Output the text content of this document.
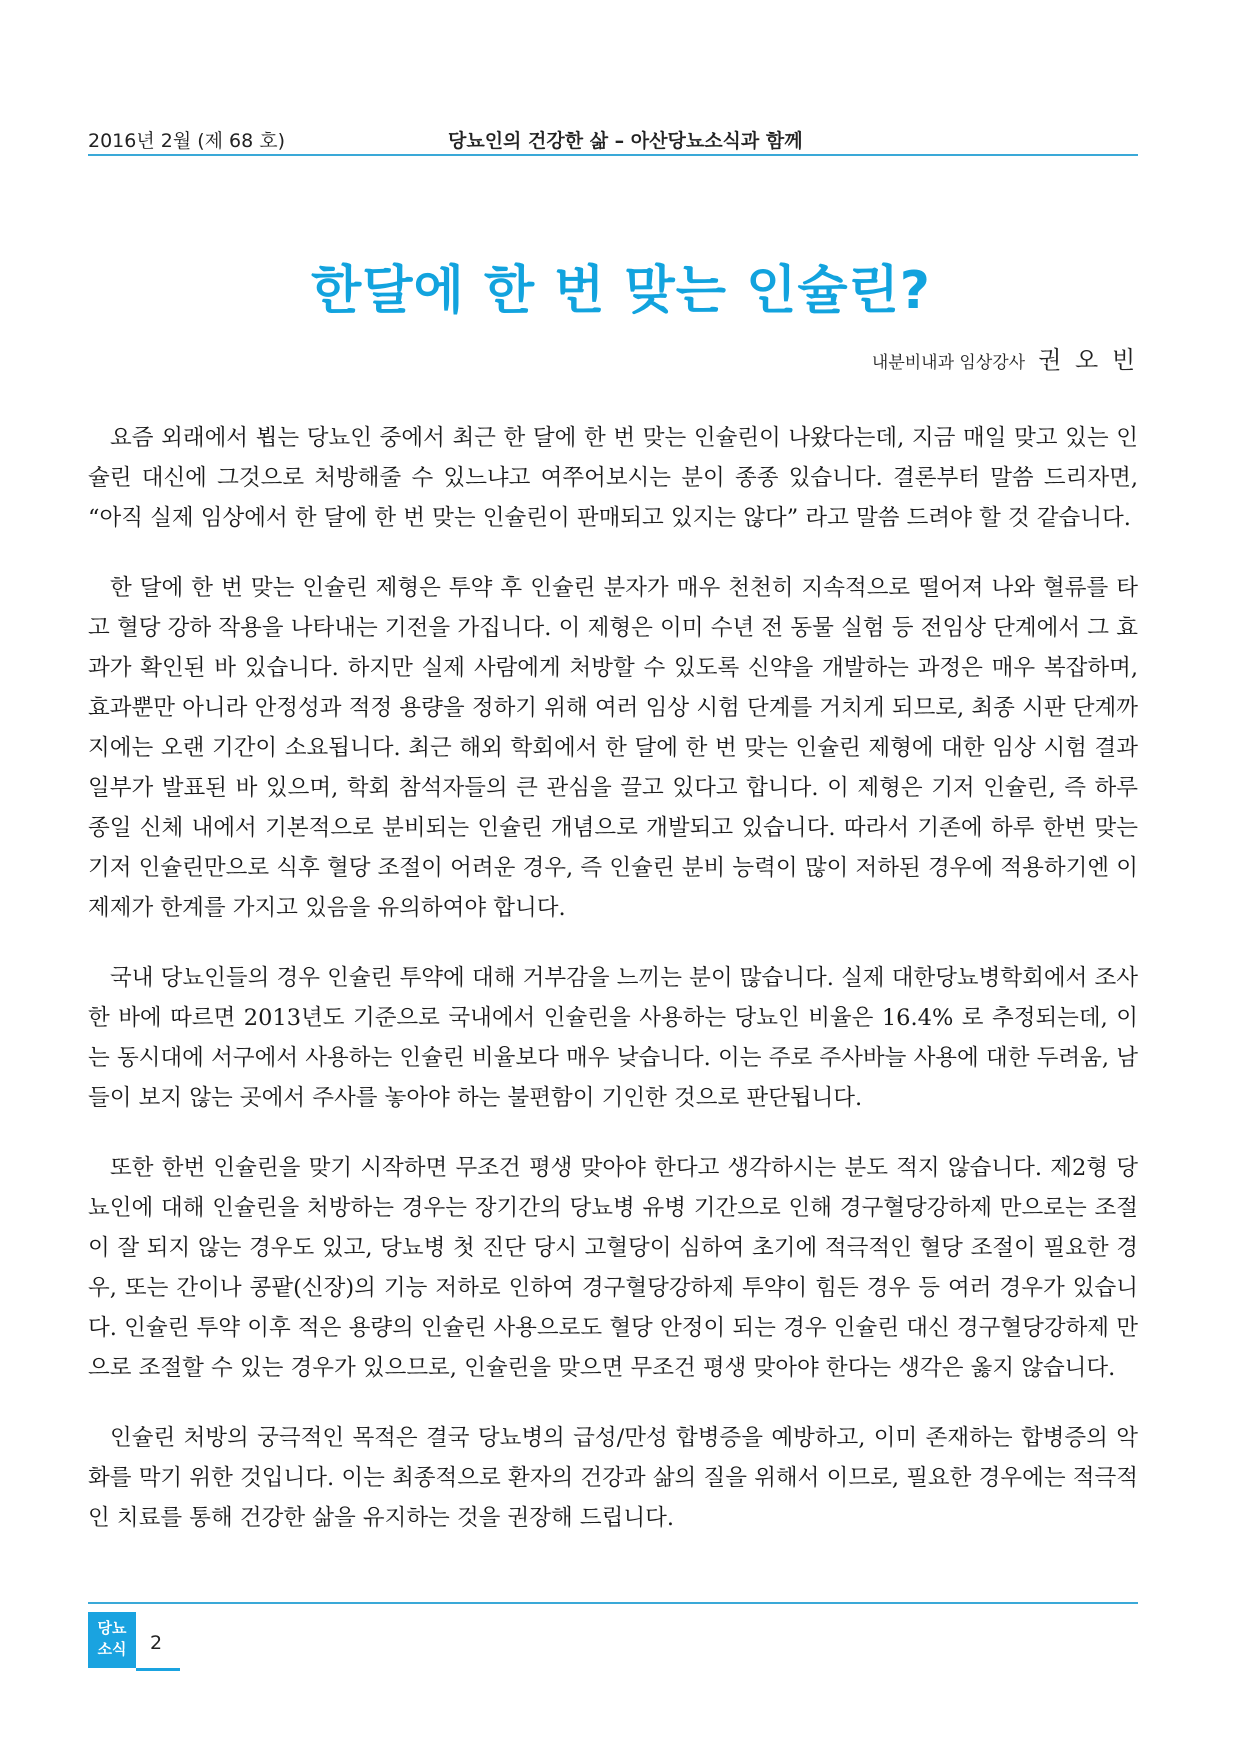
2016년 2월 (제 68 호)	당뇨인의 건강한 삶 – 아산당뇨소식과 함께
한달에 한 번 맞는 인슐린?
내분비내과 임상강사 권 오 빈

요즘 외래에서 뵙는 당뇨인 중에서 최근 한 달에 한 번 맞는 인슐린이 나왔다는데, 지금 매일 맞고 있는 인슐린 대신에 그것으로 처방해줄 수 있느냐고 여쭈어보시는 분이 종종 있습니다. 결론부터 말씀 드리자면, “아직 실제 임상에서 한 달에 한 번 맞는 인슐린이 판매되고 있지는 않다” 라고 말씀 드려야 할 것 같습니다.

한 달에 한 번 맞는 인슐린 제형은 투약 후 인슐린 분자가 매우 천천히 지속적으로 떨어져 나와 혈류를 타고 혈당 강하 작용을 나타내는 기전을 가집니다. 이 제형은 이미 수년 전 동물 실험 등 전임상 단계에서 그 효과가 확인된 바 있습니다. 하지만 실제 사람에게 처방할 수 있도록 신약을 개발하는 과정은 매우 복잡하며, 효과뿐만 아니라 안정성과 적정 용량을 정하기 위해 여러 임상 시험 단계를 거치게 되므로, 최종 시판 단계까지에는 오랜 기간이 소요됩니다. 최근 해외 학회에서 한 달에 한 번 맞는 인슐린 제형에 대한 임상 시험 결과 일부가 발표된 바 있으며, 학회 참석자들의 큰 관심을 끌고 있다고 합니다. 이 제형은 기저 인슐린, 즉 하루 종일 신체 내에서 기본적으로 분비되는 인슐린 개념으로 개발되고 있습니다. 따라서 기존에 하루 한번 맞는 기저 인슐린만으로 식후 혈당 조절이 어려운 경우, 즉 인슐린 분비 능력이 많이 저하된 경우에 적용하기엔 이 제제가 한계를 가지고 있음을 유의하여야 합니다.

국내 당뇨인들의 경우 인슐린 투약에 대해 거부감을 느끼는 분이 많습니다. 실제 대한당뇨병학회에서 조사한 바에 따르면 2013년도 기준으로 국내에서 인슐린을 사용하는 당뇨인 비율은 16.4% 로 추정되는데, 이는 동시대에 서구에서 사용하는 인슐린 비율보다 매우 낮습니다. 이는 주로 주사바늘 사용에 대한 두려움, 남들이 보지 않는 곳에서 주사를 놓아야 하는 불편함이 기인한 것으로 판단됩니다.

또한 한번 인슐린을 맞기 시작하면 무조건 평생 맞아야 한다고 생각하시는 분도 적지 않습니다. 제2형 당뇨인에 대해 인슐린을 처방하는 경우는 장기간의 당뇨병 유병 기간으로 인해 경구혈당강하제 만으로는 조절이 잘 되지 않는 경우도 있고, 당뇨병 첫 진단 당시 고혈당이 심하여 초기에 적극적인 혈당 조절이 필요한 경우, 또는 간이나 콩팥(신장)의 기능 저하로 인하여 경구혈당강하제 투약이 힘든 경우 등 여러 경우가 있습니다. 인슐린 투약 이후 적은 용량의 인슐린 사용으로도 혈당 안정이 되는 경우 인슐린 대신 경구혈당강하제 만으로 조절할 수 있는 경우가 있으므로, 인슐린을 맞으면 무조건 평생 맞아야 한다는 생각은 옳지 않습니다.

인슐린 처방의 궁극적인 목적은 결국 당뇨병의 급성/만성 합병증을 예방하고, 이미 존재하는 합병증의 악화를 막기 위한 것입니다. 이는 최종적으로 환자의 건강과 삶의 질을 위해서 이므로, 필요한 경우에는 적극적인 치료를 통해 건강한 삶을 유지하는 것을 권장해 드립니다.

당뇨
소식	2
